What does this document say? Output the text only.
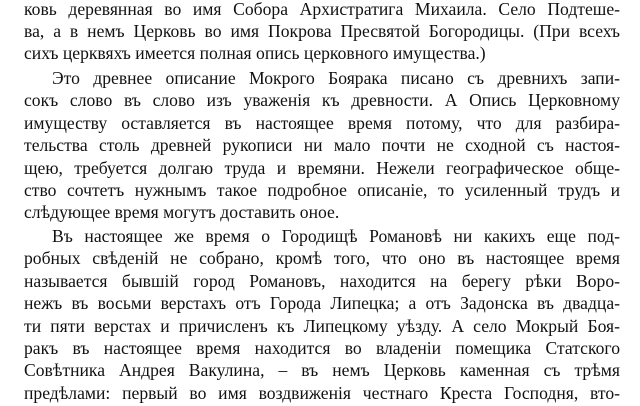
ковь деревянная во имя Собора Архистратига Михаила. Село Подтеше-
ва, а в немъ Церковь во имя Покрова Пресвятой Богородицы. (При всехъ
сихъ церквяхъ имеется полная опись церковного имущества.)
Это древнее описание Мокрого Боярака писано съ древнихъ запи-
сокъ слово въ слово изъ уваженiя къ древности. А Опись Церковному
имуществу оставляется въ настоящее время потому, что для разбира-
тельства столь древней рукописи ни мало почти не сходной съ настоя-
щею, требуется долгаю труда и времяни. Нежели географическое обще-
ство сочтетъ нужнымъ такое подробное описанiе, то усиленный трудъ и
слѣдующее время могутъ доставить оное.
Въ настоящее же время о Городищѣ Романовѣ ни какихъ еще под-
робных свѣденiй не собрано, кромѣ того, что оно въ настоящее время
называется бывшiй город Романовъ, находится на берегу рѣки Воро-
нежъ въ восьми верстахъ отъ Города Липецка; а отъ Задонска въ двадца-
ти пяти верстах и причисленъ къ Липецкому уѣзду. А село Мокрый Боя-
ракъ въ настоящее время находится во владенiи помещика Статского
Совѣтника Андрея Вакулина, – въ немъ Церковь каменная съ трѣмя
предѣлами: первый во имя воздвиженiя честнаго Креста Господня, вто-
